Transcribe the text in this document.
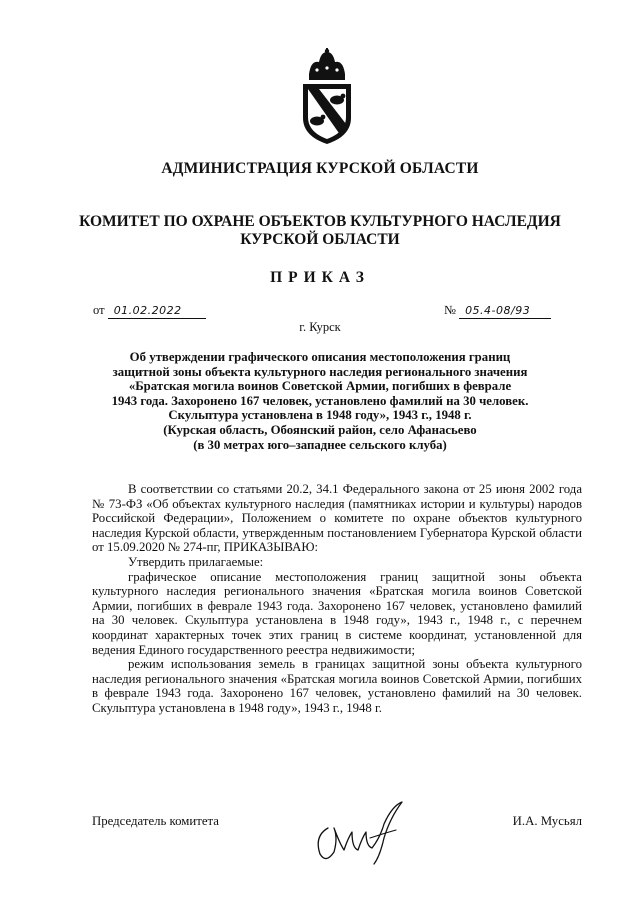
АДМИНИСТРАЦИЯ КУРСКОЙ ОБЛАСТИ
КОМИТЕТ ПО ОХРАНЕ ОБЪЕКТОВ КУЛЬТУРНОГО НАСЛЕДИЯ
КУРСКОЙ ОБЛАСТИ
ПРИКАЗ
от 01.02.2022	№ 05.4-08/93
г. Курск
Об утверждении графического описания местоположения границ
защитной зоны объекта культурного наследия регионального значения
«Братская могила воинов Советской Армии, погибших в феврале
1943 года. Захоронено 167 человек, установлено фамилий на 30 человек.
Скульптура установлена в 1948 году», 1943 г., 1948 г.
(Курская область, Обоянский район, село Афанасьево
(в 30 метрах юго–западнее сельского клуба)

В соответствии со статьями 20.2, 34.1 Федерального закона от 25 июня 2002 года № 73-ФЗ «Об объектах культурного наследия (памятниках истории и культуры) народов Российской Федерации», Положением о комитете по охране объектов культурного наследия Курской области, утвержденным постановлением Губернатора Курской области от 15.09.2020 № 274-пг, ПРИКАЗЫВАЮ:

Утвердить прилагаемые:

графическое описание местоположения границ защитной зоны объекта культурного наследия регионального значения «Братская могила воинов Советской Армии, погибших в феврале 1943 года. Захоронено 167 человек, установлено фамилий на 30 человек. Скульптура установлена в 1948 году», 1943 г., 1948 г., с перечнем координат характерных точек этих границ в системе координат, установленной для ведения Единого государственного реестра недвижимости;

режим использования земель в границах защитной зоны объекта культурного наследия регионального значения «Братская могила воинов Советской Армии, погибших в феврале 1943 года. Захоронено 167 человек, установлено фамилий на 30 человек. Скульптура установлена в 1948 году», 1943 г., 1948 г.

Председатель комитета	И.А. Мусьял
